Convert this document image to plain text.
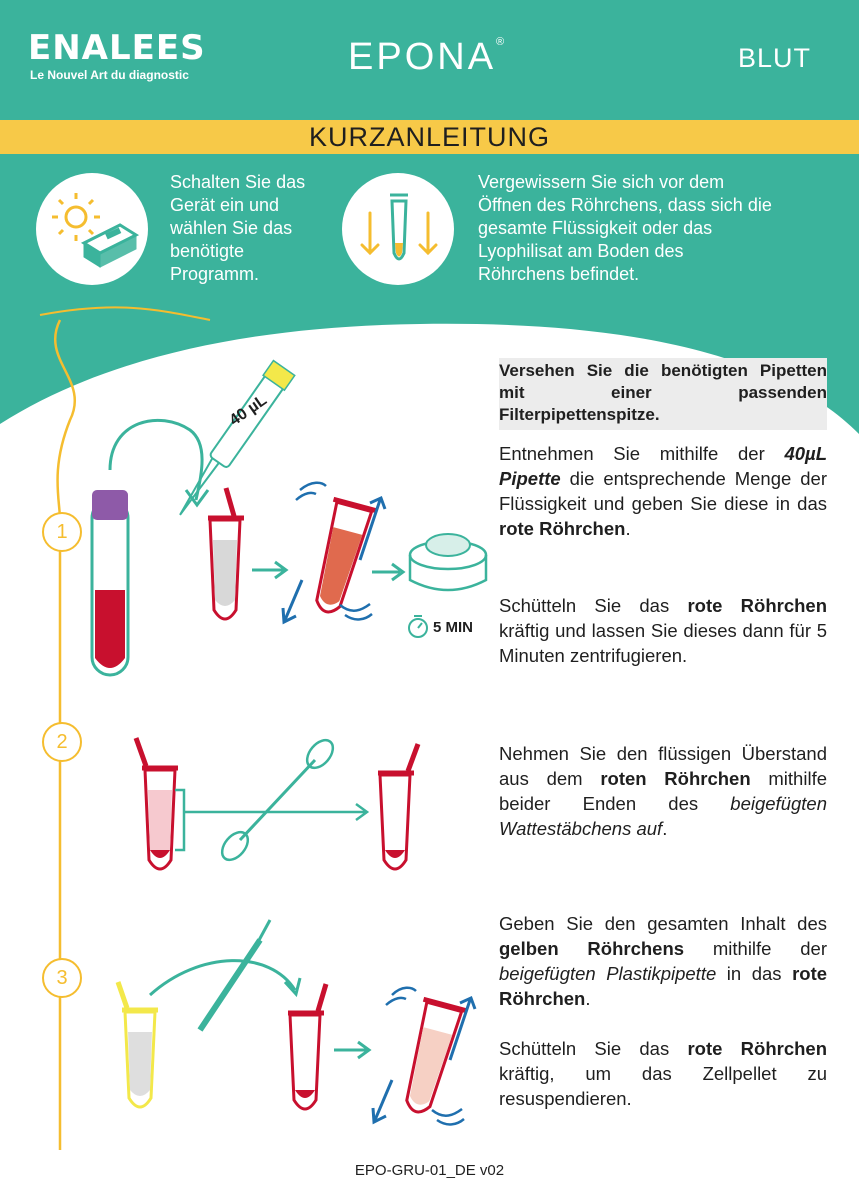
ENALEES
Le Nouvel Art du diagnostic	EPONA®
BLUT
KURZANLEITUNG
Schalten Sie das
Gerät ein und
wählen Sie das
benötigte
Programm.
Vergewissern Sie sich vor dem
Öffnen des Röhrchens, dass sich die
gesamte Flüssigkeit oder das
Lyophilisat am Boden des
Röhrchens befindet.
40 µL
5 MIN
1
2
3
Versehen Sie die benötigten Pipetten mit einer passenden Filterpipettenspitze.
Entnehmen Sie mithilfe der 40µL Pipette die entsprechende Menge der Flüssigkeit und geben Sie diese in das rote Röhrchen.
Schütteln Sie das rote Röhrchen kräftig und lassen Sie dieses dann für 5 Minuten zentrifugieren.
Nehmen Sie den flüssigen Überstand aus dem roten Röhrchen mithilfe beider Enden des beigefügten Wattestäbchens auf.
Geben Sie den gesamten Inhalt des gelben Röhrchens mithilfe der beigefügten Plastikpipette in das rote Röhrchen.
Schütteln Sie das rote Röhrchen kräftig, um das Zellpellet zu resuspendieren.
EPO-GRU-01_DE v02
